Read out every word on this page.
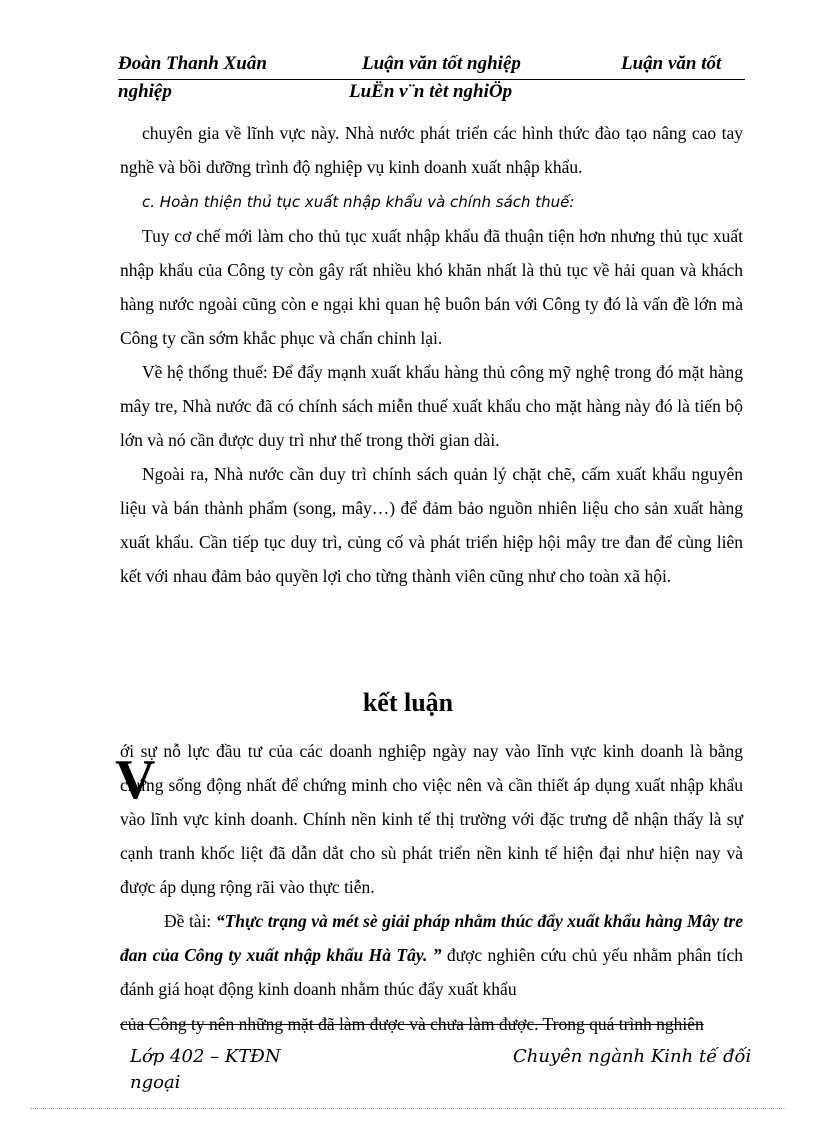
Đoàn Thanh Xuân	Luận văn tốt nghiệp	Luận văn tốt
nghiệp	LuËn v¨n tèt nghiÖp

chuyên gia về lĩnh vực này. Nhà nước phát triển các hình thức đào tạo nâng cao tay nghề và bồi dưỡng trình độ nghiệp vụ kinh doanh xuất nhập khẩu.

c. Hoàn thiện thủ tục xuất nhập khẩu và chính sách thuế:

Tuy cơ chế mới làm cho thủ tục xuất nhập khẩu đã thuận tiện hơn nhưng thủ tục xuất nhập khẩu của Công ty còn gây rất nhiều khó khăn nhất là thủ tục về hải quan và khách hàng nước ngoài cũng còn e ngại khi quan hệ buôn bán với Công ty đó là vấn đề lớn mà Công ty cần sớm khắc phục và chấn chỉnh lại.

Về hệ thống thuế: Để đẩy mạnh xuất khẩu hàng thủ công mỹ nghệ trong đó mặt hàng mây tre, Nhà nước đã có chính sách miễn thuế xuất khẩu cho mặt hàng này đó là tiến bộ lớn và nó cần được duy trì như thế trong thời gian dài.

Ngoài ra, Nhà nước cần duy trì chính sách quản lý chặt chẽ, cấm xuất khẩu nguyên liệu và bán thành phẩm (song, mây…) để đảm bảo nguồn nhiên liệu cho sản xuất hàng xuất khẩu. Cần tiếp tục duy trì, củng cố và phát triển hiệp hội mây tre đan để cùng liên kết với nhau đảm bảo quyền lợi cho từng thành viên cũng như cho toàn xã hội.

kết luận
V

ới sự nỗ lực đầu tư của các doanh nghiệp ngày nay vào lĩnh vực kinh doanh là bằng chứng sống động nhất để chứng minh cho việc nên và cần thiết áp dụng xuất nhập khẩu vào lĩnh vực kinh doanh. Chính nền kinh tế thị trường với đặc trưng dễ nhận thấy là sự cạnh tranh khốc liệt đã dẫn dắt cho sù phát triển nền kinh tế hiện đại như hiện nay và được áp dụng rộng rãi vào thực tiễn.

Đề tài: “Thực trạng và mét sè giải pháp nhằm thúc đẩy xuất khẩu hàng Mây tre đan của Công ty xuất nhập khẩu Hà Tây. ” được nghiên cứu chủ yếu nhằm phân tích đánh giá hoạt động kinh doanh nhằm thúc đẩy xuất khẩu

của Công ty nên những mặt đã làm được và chưa làm được. Trong quá trình nghiên
Lớp 402 – KTĐN
ngoại
Chuyên ngành Kinh tế đối
